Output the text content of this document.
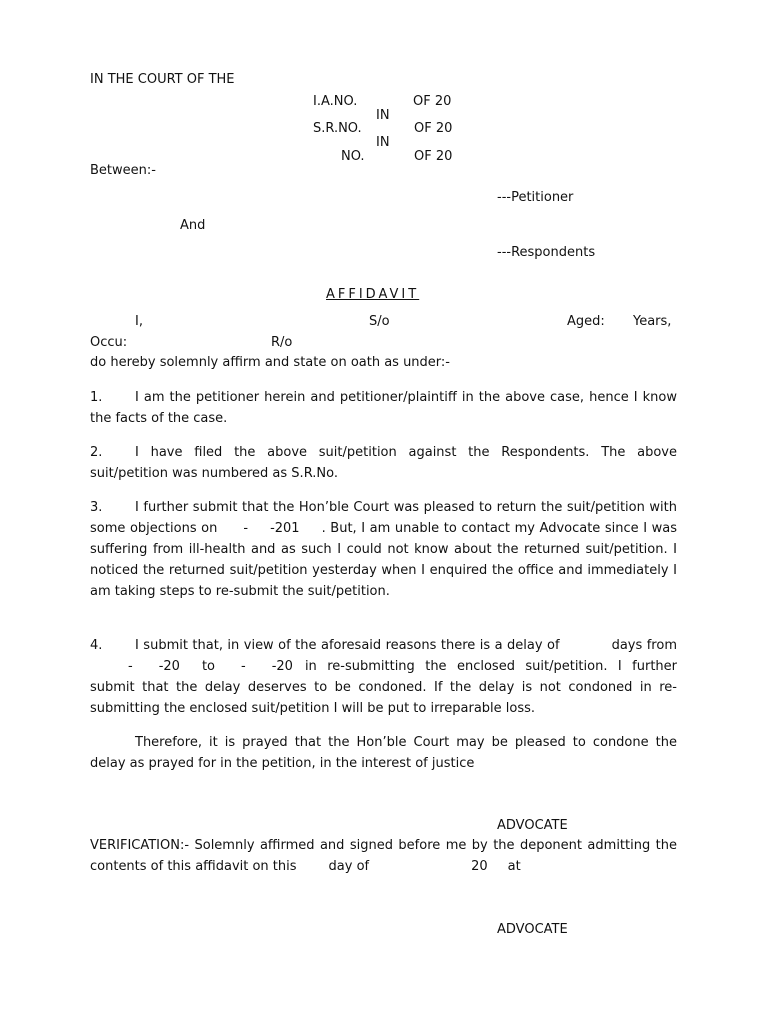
IN THE COURT OF THE
I.A.NO.	OF 20
IN
S.R.NO.	OF 20
IN
NO.	OF 20
Between:-
---Petitioner
And
---Respondents
AFFIDAVIT
I,	S/o	Aged: Years,
Occu:	R/o
do hereby solemnly affirm and state on oath as under:-
1.	I am the petitioner herein and petitioner/plaintiff in the above case, hence I know the facts of the case.
2.	I have filed the above suit/petition against the Respondents. The above suit/petition was numbered as S.R.No.
3.	I further submit that the Hon’ble Court was pleased to return the suit/petition with some objections on - -201 . But, I am unable to contact my Advocate since I was suffering from ill-health and as such I could not know about the returned suit/petition. I noticed the returned suit/petition yesterday when I enquired the office and immediately I am taking steps to re-submit the suit/petition.
4.	I submit that, in view of the aforesaid reasons there is a delay of	days from- -20 to - -20 in re-submitting the enclosed suit/petition. I further submit that the delay deserves to be condoned. If the delay is not condoned in re-submitting the enclosed suit/petition I will be put to irreparable loss.
Therefore, it is prayed that the Hon’ble Court may be pleased to condone the delay as prayed for in the petition, in the interest of justice
ADVOCATE
VERIFICATION:- Solemnly affirmed and signed before me by the deponent admitting the contents of this affidavit on this day of	20 at
ADVOCATE
